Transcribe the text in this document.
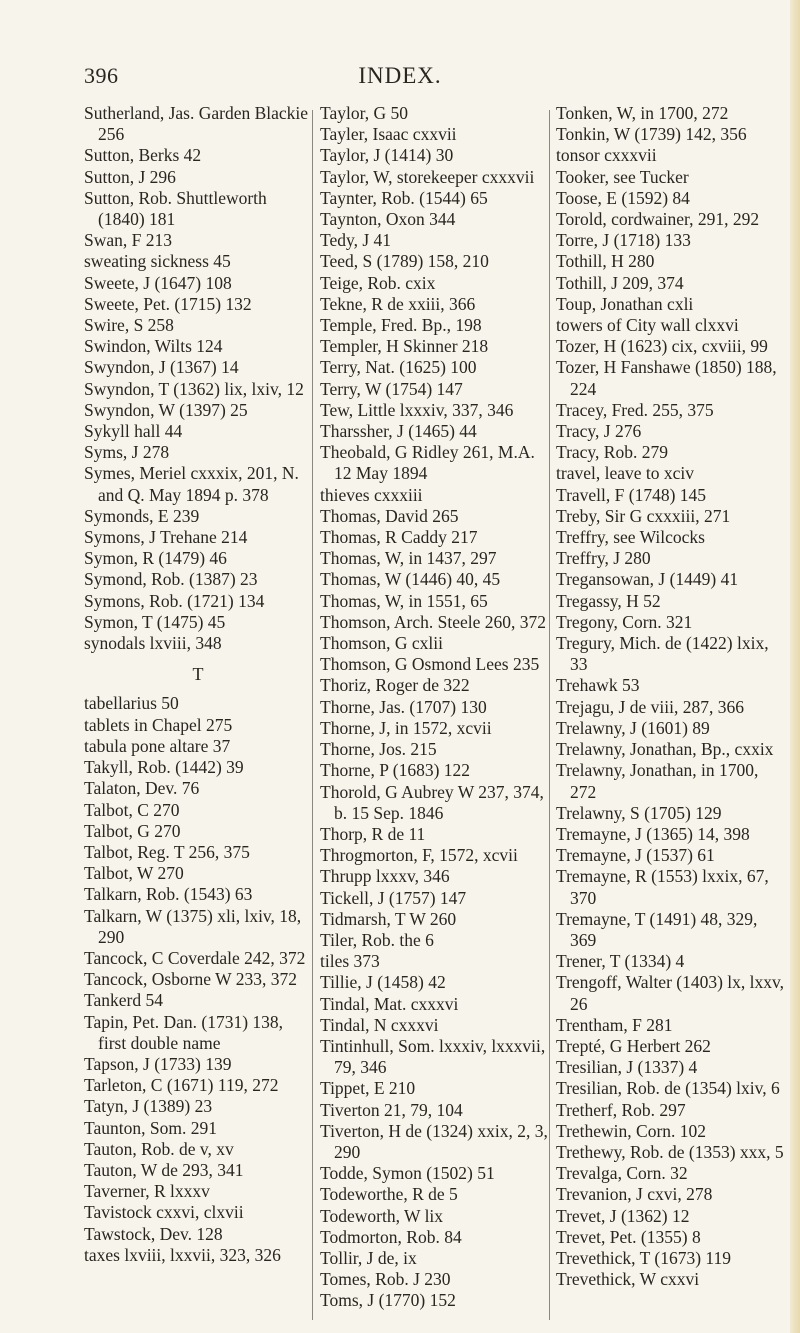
396	INDEX.
Sutherland, Jas. Garden Blackie 256
Sutton, Berks 42
Sutton, J 296
Sutton, Rob. Shuttleworth (1840) 181
Swan, F 213
sweating sickness 45
Sweete, J (1647) 108
Sweete, Pet. (1715) 132
Swire, S 258
Swindon, Wilts 124
Swyndon, J (1367) 14
Swyndon, T (1362) lix, lxiv, 12
Swyndon, W (1397) 25
Sykyll hall 44
Syms, J 278
Symes, Meriel cxxxix, 201, N. and Q. May 1894 p. 378
Symonds, E 239
Symons, J Trehane 214
Symon, R (1479) 46
Symond, Rob. (1387) 23
Symons, Rob. (1721) 134
Symon, T (1475) 45
synodals lxviii, 348
T
tabellarius 50
tablets in Chapel 275
tabula pone altare 37
Takyll, Rob. (1442) 39
Talaton, Dev. 76
Talbot, C 270
Talbot, G 270
Talbot, Reg. T 256, 375
Talbot, W 270
Talkarn, Rob. (1543) 63
Talkarn, W (1375) xli, lxiv, 18, 290
Tancock, C Coverdale 242, 372
Tancock, Osborne W 233, 372
Tankerd 54
Tapin, Pet. Dan. (1731) 138, first double name
Tapson, J (1733) 139
Tarleton, C (1671) 119, 272
Tatyn, J (1389) 23
Taunton, Som. 291
Tauton, Rob. de v, xv
Tauton, W de 293, 341
Taverner, R lxxxv
Tavistock cxxvi, clxvii
Tawstock, Dev. 128
taxes lxviii, lxxvii, 323, 326
Taylor, G 50
Tayler, Isaac cxxvii
Taylor, J (1414) 30
Taylor, W, storekeeper cxxxvii
Taynter, Rob. (1544) 65
Taynton, Oxon 344
Tedy, J 41
Teed, S (1789) 158, 210
Teige, Rob. cxix
Tekne, R de xxiii, 366
Temple, Fred. Bp., 198
Templer, H Skinner 218
Terry, Nat. (1625) 100
Terry, W (1754) 147
Tew, Little lxxxiv, 337, 346
Tharssher, J (1465) 44
Theobald, G Ridley 261, M.A. 12 May 1894
thieves cxxxiii
Thomas, David 265
Thomas, R Caddy 217
Thomas, W, in 1437, 297
Thomas, W (1446) 40, 45
Thomas, W, in 1551, 65
Thomson, Arch. Steele 260, 372
Thomson, G cxlii
Thomson, G Osmond Lees 235
Thoriz, Roger de 322
Thorne, Jas. (1707) 130
Thorne, J, in 1572, xcvii
Thorne, Jos. 215
Thorne, P (1683) 122
Thorold, G Aubrey W 237, 374, b. 15 Sep. 1846
Thorp, R de 11
Throgmorton, F, 1572, xcvii
Thrupp lxxxv, 346
Tickell, J (1757) 147
Tidmarsh, T W 260
Tiler, Rob. the 6
tiles 373
Tillie, J (1458) 42
Tindal, Mat. cxxxvi
Tindal, N cxxxvi
Tintinhull, Som. lxxxiv, lxxxvii, 79, 346
Tippet, E 210
Tiverton 21, 79, 104
Tiverton, H de (1324) xxix, 2, 3, 290
Todde, Symon (1502) 51
Todeworthe, R de 5
Todeworth, W lix
Todmorton, Rob. 84
Tollir, J de, ix
Tomes, Rob. J 230
Toms, J (1770) 152
Tonken, W, in 1700, 272
Tonkin, W (1739) 142, 356
tonsor cxxxvii
Tooker, see Tucker
Toose, E (1592) 84
Torold, cordwainer, 291, 292
Torre, J (1718) 133
Tothill, H 280
Tothill, J 209, 374
Toup, Jonathan cxli
towers of City wall clxxvi
Tozer, H (1623) cix, cxviii, 99
Tozer, H Fanshawe (1850) 188, 224
Tracey, Fred. 255, 375
Tracy, J 276
Tracy, Rob. 279
travel, leave to xciv
Travell, F (1748) 145
Treby, Sir G cxxxiii, 271
Treffry, see Wilcocks
Treffry, J 280
Tregansowan, J (1449) 41
Tregassy, H 52
Tregony, Corn. 321
Tregury, Mich. de (1422) lxix, 33
Trehawk 53
Trejagu, J de viii, 287, 366
Trelawny, J (1601) 89
Trelawny, Jonathan, Bp., cxxix
Trelawny, Jonathan, in 1700, 272
Trelawny, S (1705) 129
Tremayne, J (1365) 14, 398
Tremayne, J (1537) 61
Tremayne, R (1553) lxxix, 67, 370
Tremayne, T (1491) 48, 329, 369
Trener, T (1334) 4
Trengoff, Walter (1403) lx, lxxv, 26
Trentham, F 281
Trepté, G Herbert 262
Tresilian, J (1337) 4
Tresilian, Rob. de (1354) lxiv, 6
Tretherf, Rob. 297
Trethewin, Corn. 102
Trethewy, Rob. de (1353) xxx, 5
Trevalga, Corn. 32
Trevanion, J cxvi, 278
Trevet, J (1362) 12
Trevet, Pet. (1355) 8
Trevethick, T (1673) 119
Trevethick, W cxxvi
